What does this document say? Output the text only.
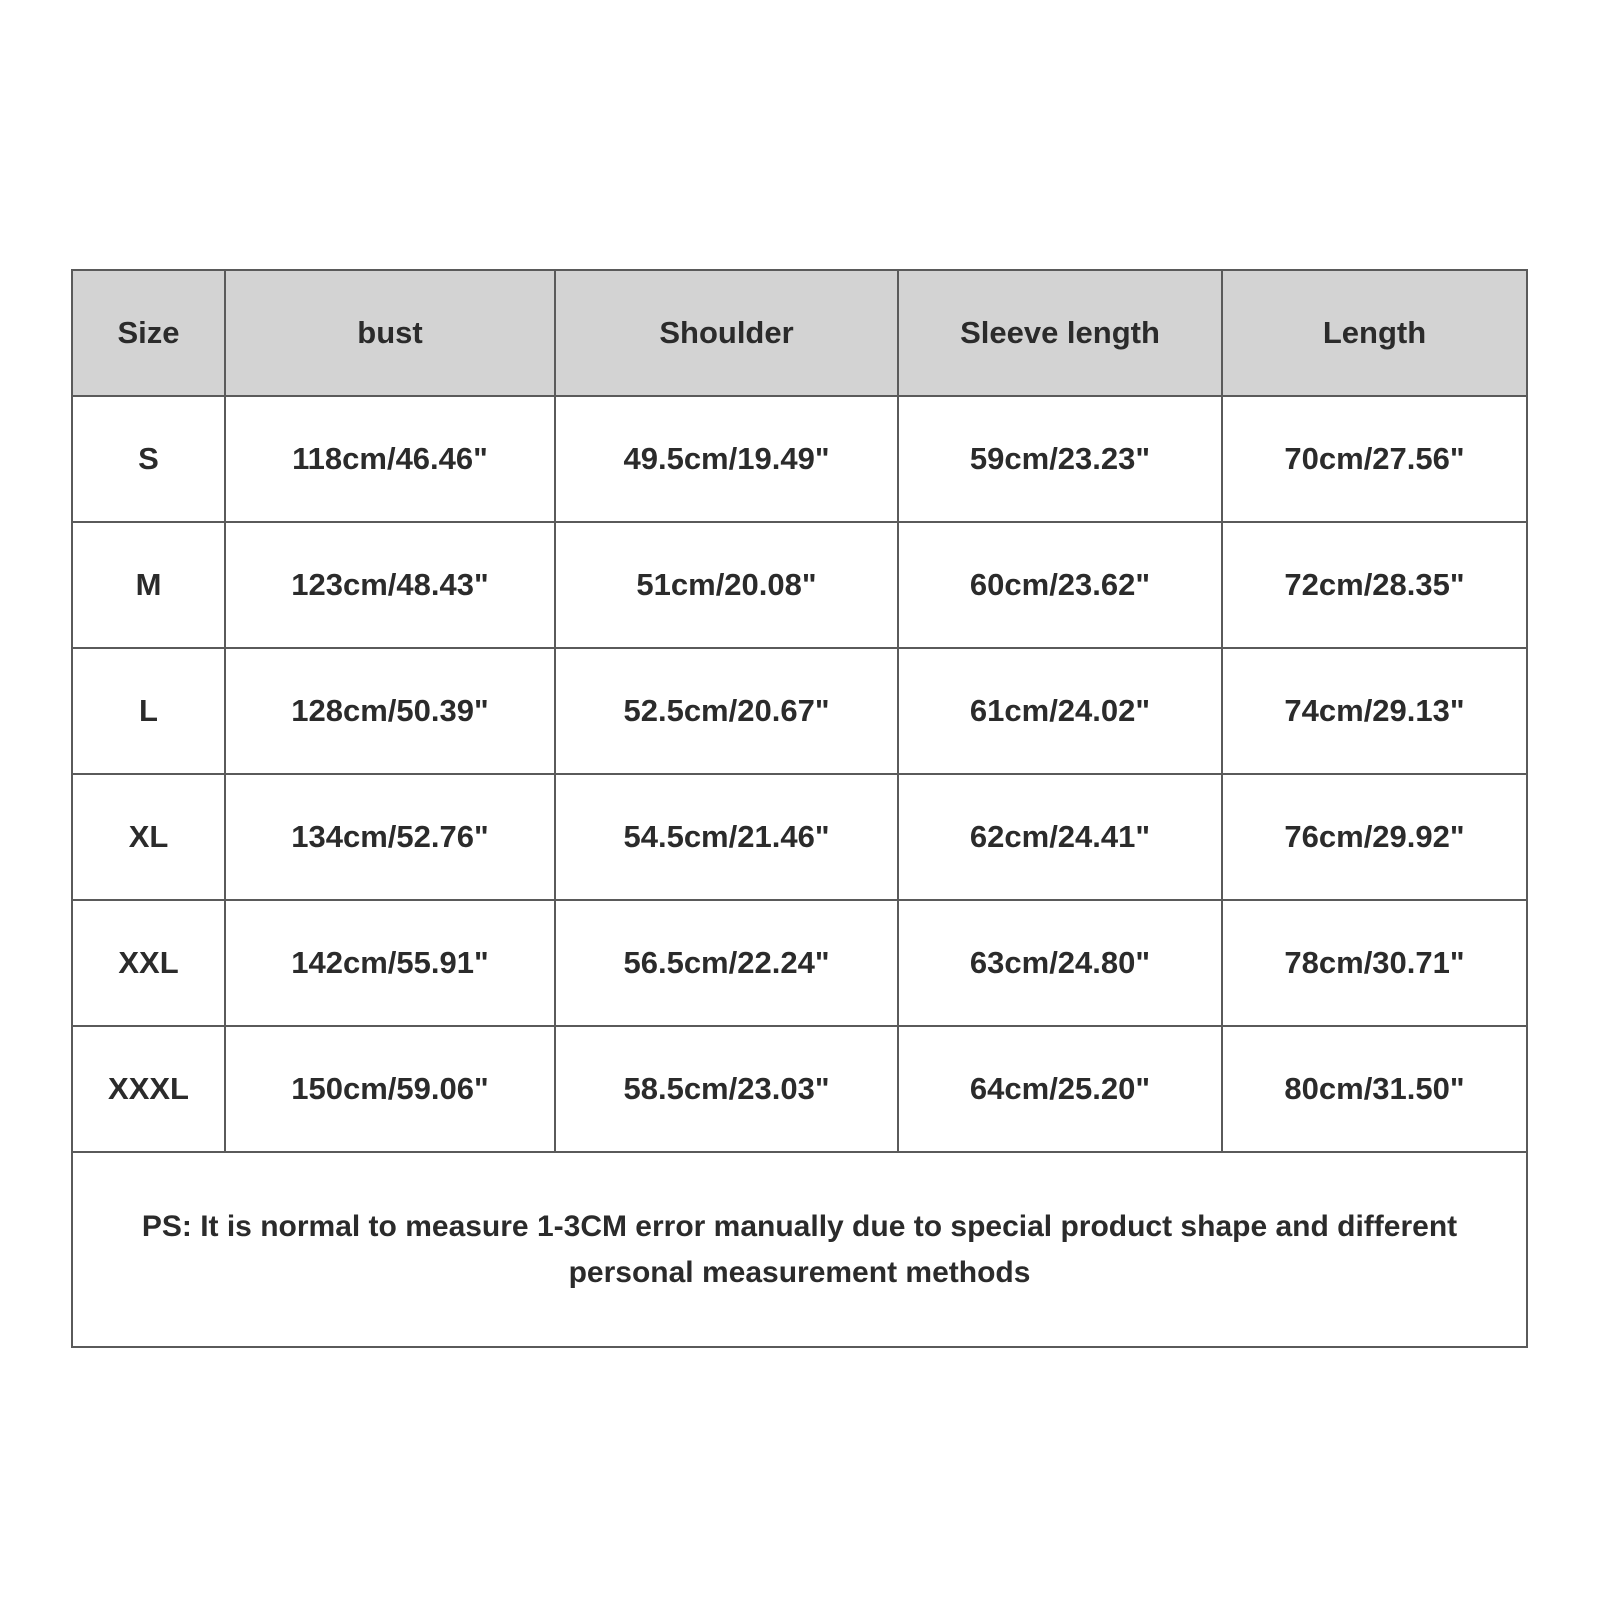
Size	bust	Shoulder	Sleeve length	Length
S	118cm/46.46"	49.5cm/19.49"	59cm/23.23"	70cm/27.56"
M	123cm/48.43"	51cm/20.08"	60cm/23.62"	72cm/28.35"
L	128cm/50.39"	52.5cm/20.67"	61cm/24.02"	74cm/29.13"
XL	134cm/52.76"	54.5cm/21.46"	62cm/24.41"	76cm/29.92"
XXL	142cm/55.91"	56.5cm/22.24"	63cm/24.80"	78cm/30.71"
XXXL	150cm/59.06"	58.5cm/23.03"	64cm/25.20"	80cm/31.50"
PS: It is normal to measure 1-3CM error manually due to special product shape and different personal measurement methods				
